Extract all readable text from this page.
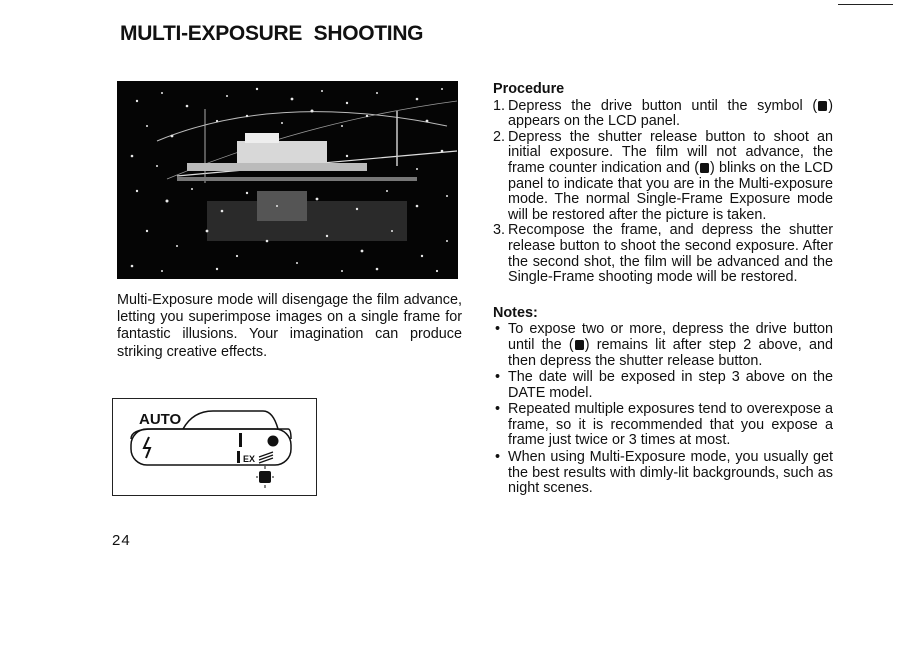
MULTI-EXPOSURE SHOOTING

Multi-Exposure mode will disengage the film advance, letting you superimpose images on a single frame for fantastic illusions. Your imagination can produce striking creative effects.

AUTO
EX
24
Procedure
1. Depress the drive button until the symbol ( ) appears on the LCD panel.
2. Depress the shutter release button to shoot an initial exposure. The film will not advance, the frame counter indication and ( ) blinks on the LCD panel to indicate that you are in the Multi-exposure mode. The normal Single-Frame Exposure mode will be restored after the picture is taken.
3. Recompose the frame, and depress the shutter release button to shoot the second exposure. After the second shot, the film will be advanced and the Single-Frame shooting mode will be restored.
Notes:
• To expose two or more, depress the drive button until the ( ) remains lit after step 2 above, and then depress the shutter release button.
• The date will be exposed in step 3 above on the DATE model.
• Repeated multiple exposures tend to overexpose a frame, so it is recommended that you expose a frame just twice or 3 times at most.
• When using Multi-Exposure mode, you usually get the best results with dimly-lit backgrounds, such as night scenes.
